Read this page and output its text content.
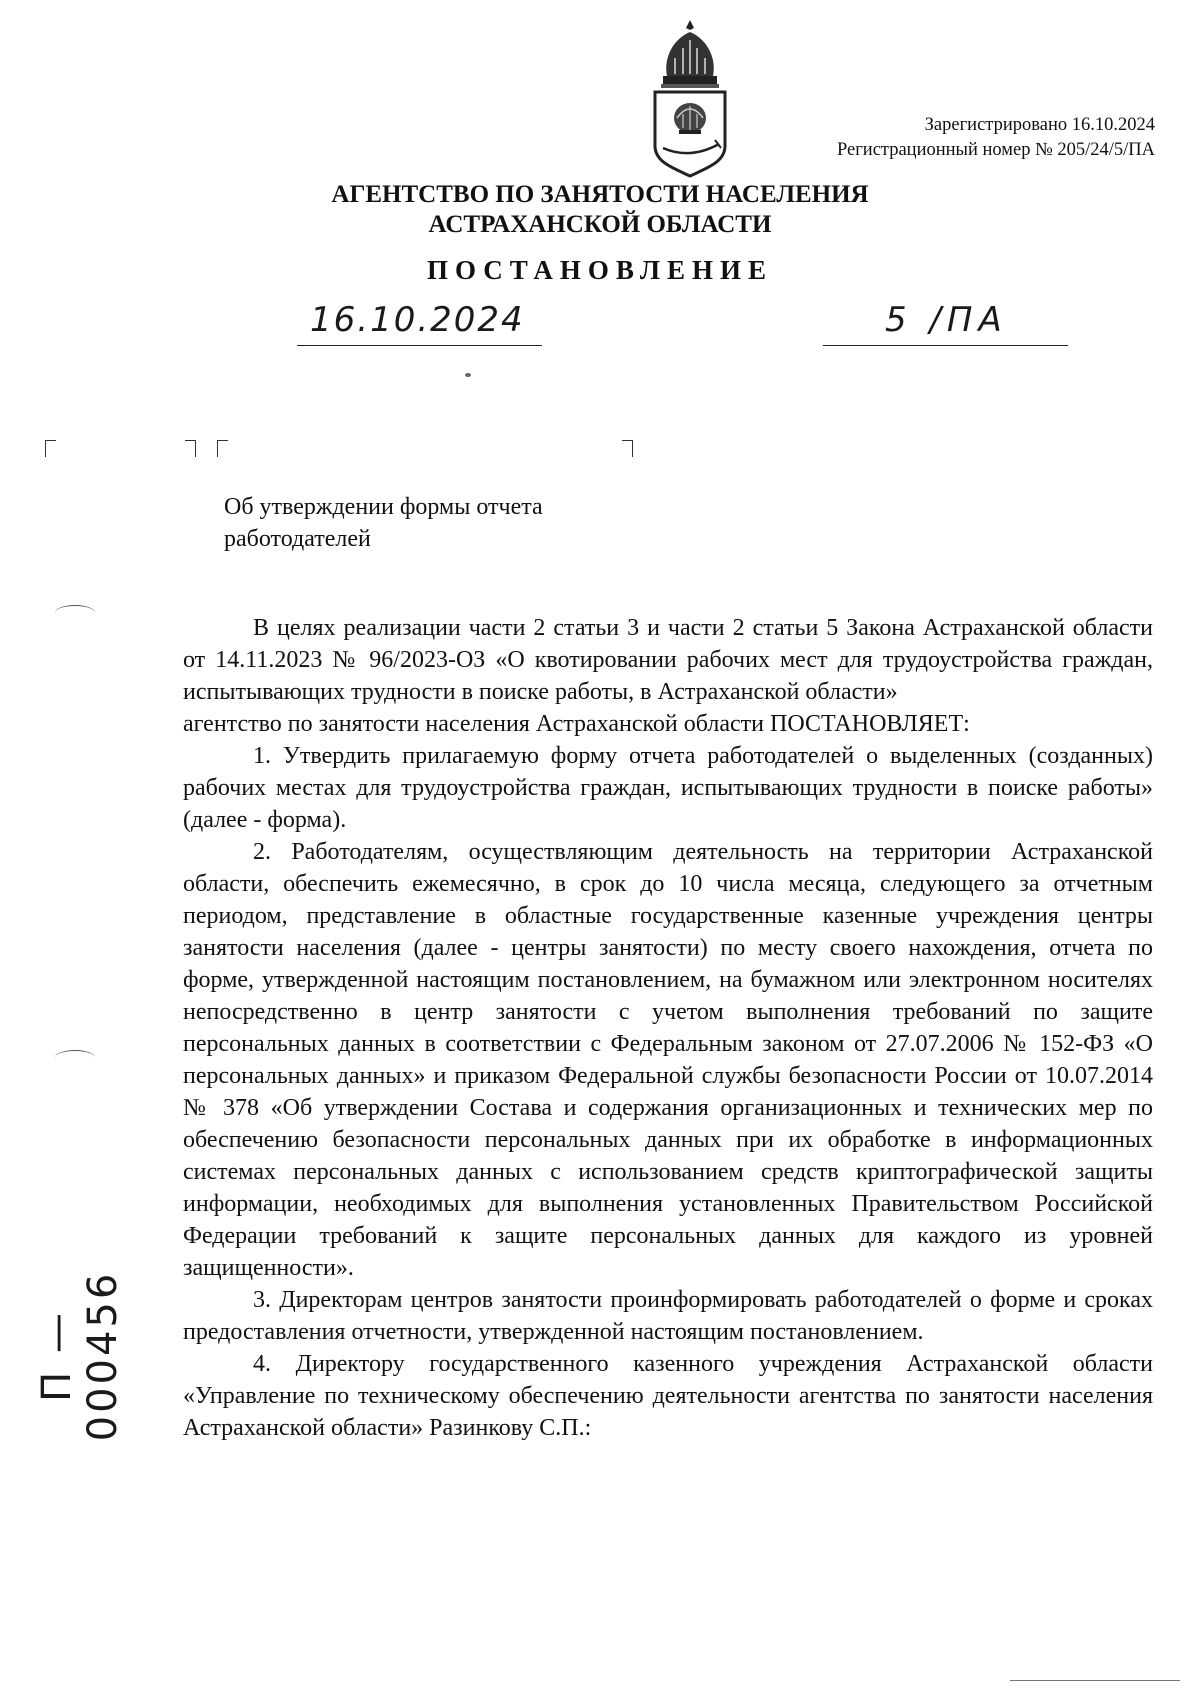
Зарегистрировано 16.10.2024
Регистрационный номер № 205/24/5/ПА
АГЕНТСТВО ПО ЗАНЯТОСТИ НАСЕЛЕНИЯ
АСТРАХАНСКОЙ ОБЛАСТИ
ПОСТАНОВЛЕНИЕ
16.10.2024	5 /ПА
Об утверждении формы отчета
работодателей

В целях реализации части 2 статьи 3 и части 2 статьи 5 Закона Астраханской области от 14.11.2023 № 96/2023-ОЗ «О квотировании рабочих мест для трудоустройства граждан, испытывающих трудности в поиске работы, в Астраханской области»

агентство по занятости населения Астраханской области ПОСТАНОВЛЯЕТ:

1. Утвердить прилагаемую форму отчета работодателей о выделенных (созданных) рабочих местах для трудоустройства граждан, испытывающих трудности в поиске работы» (далее - форма).

2. Работодателям, осуществляющим деятельность на территории Астраханской области, обеспечить ежемесячно, в срок до 10 числа месяца, следующего за отчетным периодом, представление в областные государственные казенные учреждения центры занятости населения (далее - центры занятости) по месту своего нахождения, отчета по форме, утвержденной настоящим постановлением, на бумажном или электронном носителях непосредственно в центр занятости с учетом выполнения требований по защите персональных данных в соответствии с Федеральным законом от 27.07.2006 № 152-ФЗ «О персональных данных» и приказом Федеральной службы безопасности России от 10.07.2014 № 378 «Об утверждении Состава и содержания организационных и технических мер по обеспечению безопасности персональных данных при их обработке в информационных системах персональных данных с использованием средств криптографической защиты информации, необходимых для выполнения установленных Правительством Российской Федерации требований к защите персональных данных для каждого из уровней защищенности».

3. Директорам центров занятости проинформировать работодателей о форме и сроках предоставления отчетности, утвержденной настоящим постановлением.

4. Директору государственного казенного учреждения Астраханской области «Управление по техническому обеспечению деятельности агентства по занятости населения Астраханской области» Разинкову С.П.:

П — 000456
